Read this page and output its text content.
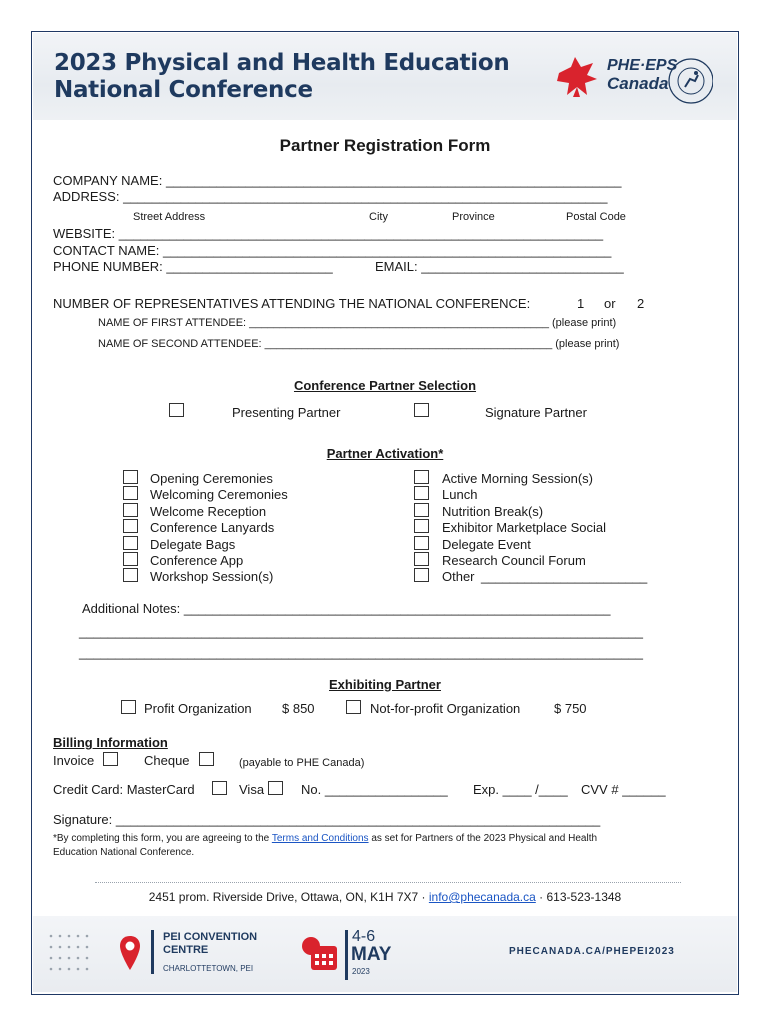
2023 Physical and Health Education
National Conference
PHE·EPS
Canada
Partner Registration Form
COMPANY NAME: _______________________________________________________________
ADDRESS: ___________________________________________________________________
Street Address	City	Province	Postal Code
WEBSITE: ___________________________________________________________________
CONTACT NAME: ______________________________________________________________
PHONE NUMBER: _______________________	EMAIL: ____________________________
NUMBER OF REPRESENTATIVES ATTENDING THE NATIONAL CONFERENCE:	1 or 2
NAME OF FIRST ATTENDEE: _________________________________________________ (please print)
NAME OF SECOND ATTENDEE: _______________________________________________ (please print)
Conference Partner Selection
Presenting Partner	Signature Partner
Partner Activation*
Opening Ceremonies
Welcoming Ceremonies
Welcome Reception
Conference Lanyards
Delegate Bags
Conference App
Workshop Session(s)
Active Morning Session(s)
Lunch
Nutrition Break(s)
Exhibitor Marketplace Social
Delegate Event
Research Council Forum
Other _______________________
Additional Notes: ___________________________________________________________
______________________________________________________________________________
______________________________________________________________________________
Exhibiting Partner
Profit Organization $ 850	Not-for-profit Organization	$ 750
Billing Information
Invoice	Cheque	(payable to PHE Canada)
Credit Card: MasterCard	Visa	No. _________________ Exp. ____ /____ CVV # ______
Signature: ___________________________________________________________________
*By completing this form, you are agreeing to the Terms and Conditions as set for Partners of the 2023 Physical and Health
Education National Conference.
2451 prom. Riverside Drive, Ottawa, ON, K1H 7X7 · info@phecanada.ca · 613-523-1348
PEI CONVENTION
CENTRE
CHARLOTTETOWN, PEI
4-6
MAY
2023
PHECANADA.CA/PHEPEI2023
